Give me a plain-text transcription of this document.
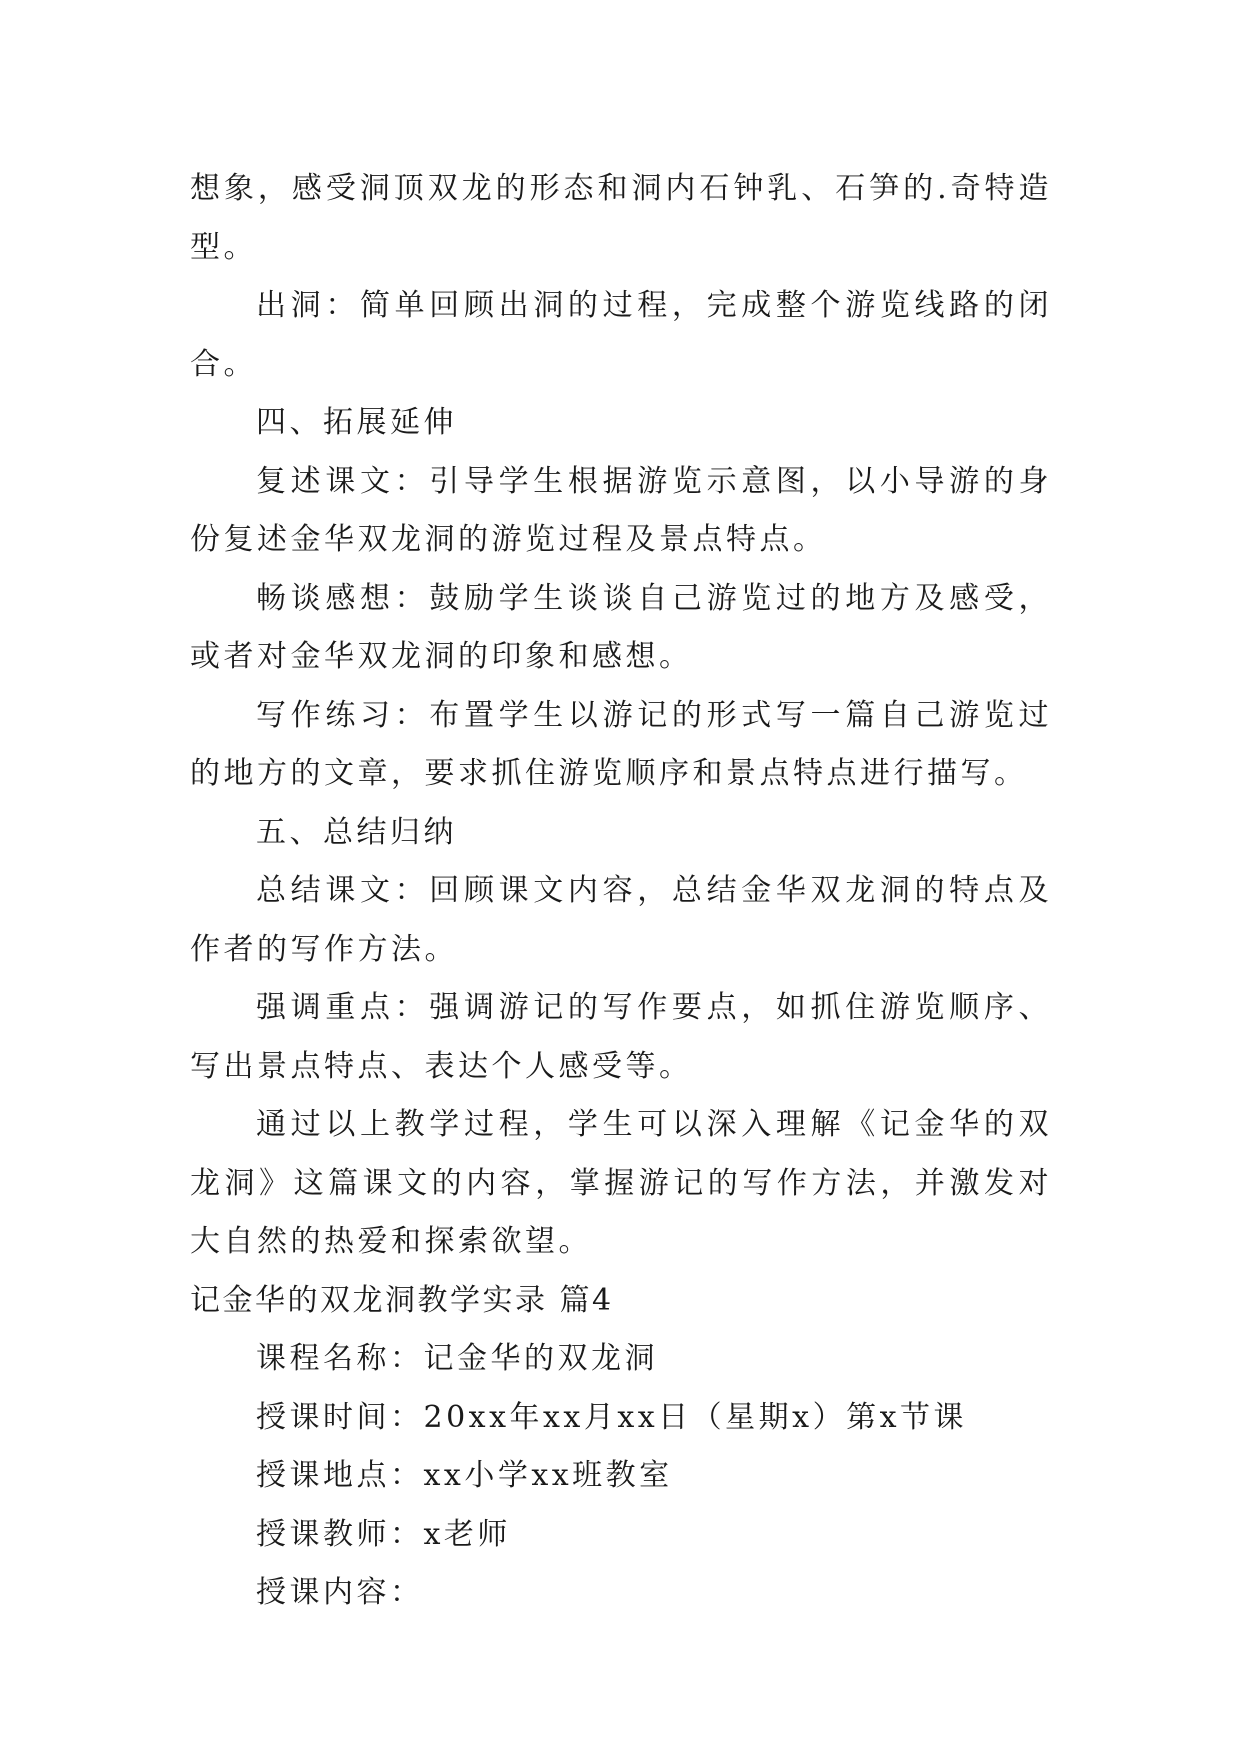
想象，感受洞顶双龙的形态和洞内石钟乳、石笋的.奇特造型。

出洞：简单回顾出洞的过程，完成整个游览线路的闭合。

四、拓展延伸

复述课文：引导学生根据游览示意图，以小导游的身份复述金华双龙洞的游览过程及景点特点。

畅谈感想：鼓励学生谈谈自己游览过的地方及感受，或者对金华双龙洞的印象和感想。

写作练习：布置学生以游记的形式写一篇自己游览过的地方的文章，要求抓住游览顺序和景点特点进行描写。

五、总结归纳

总结课文：回顾课文内容，总结金华双龙洞的特点及作者的写作方法。

强调重点：强调游记的写作要点，如抓住游览顺序、写出景点特点、表达个人感受等。

通过以上教学过程，学生可以深入理解《记金华的双龙洞》这篇课文的内容，掌握游记的写作方法，并激发对大自然的热爱和探索欲望。

记金华的双龙洞教学实录 篇4

课程名称：记金华的双龙洞

授课时间：20xx年xx月xx日（星期x）第x节课

授课地点：xx小学xx班教室

授课教师：x老师

授课内容：
